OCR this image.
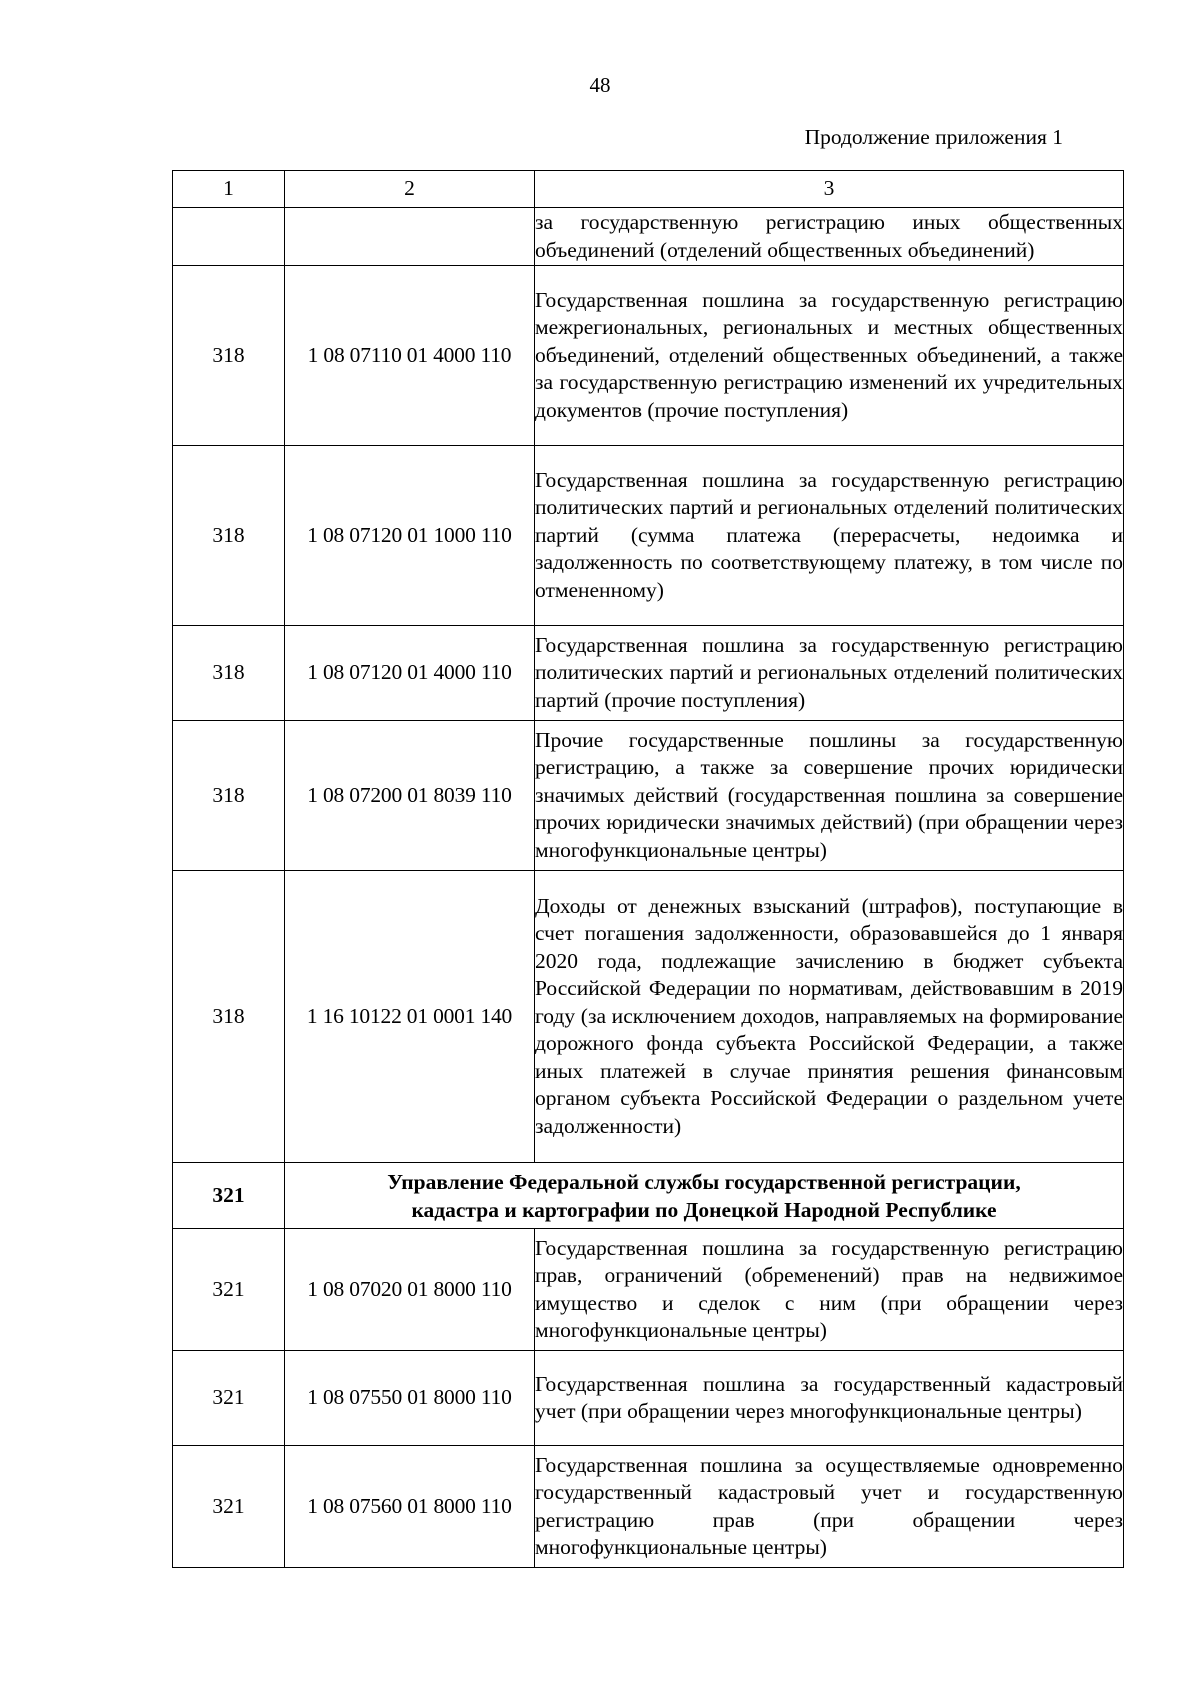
48
Продолжение приложения 1
1	2	3
		за государственную регистрацию иных общественных объединений (отделений общественных объединений)
318	1 08 07110 01 4000 110	Государственная пошлина за государственную регистрацию межрегиональных, региональных и местных общественных объединений, отделений общественных объединений, а также за государственную регистрацию изменений их учредительных документов (прочие поступления)
318	1 08 07120 01 1000 110	Государственная пошлина за государственную регистрацию политических партий и региональных отделений политических партий (сумма платежа (перерасчеты, недоимка и задолженность по соответствующему платежу, в том числе по отмененному)
318	1 08 07120 01 4000 110	Государственная пошлина за государственную регистрацию политических партий и региональных отделений политических партий (прочие поступления)
318	1 08 07200 01 8039 110	Прочие государственные пошлины за государственную регистрацию, а также за совершение прочих юридически значимых действий (государственная пошлина за совершение прочих юридически значимых действий) (при обращении через многофункциональные центры)
318	1 16 10122 01 0001 140	Доходы от денежных взысканий (штрафов), поступающие в счет погашения задолженности, образовавшейся до 1 января 2020 года, подлежащие зачислению в бюджет субъекта Российской Федерации по нормативам, действовавшим в 2019 году (за исключением доходов, направляемых на формирование дорожного фонда субъекта Российской Федерации, а также иных платежей в случае принятия решения финансовым органом субъекта Российской Федерации о раздельном учете задолженности)
321	Управление Федеральной службы государственной регистрации,
кадастра и картографии по Донецкой Народной Республике	

321	1 08 07020 01 8000 110	Государственная пошлина за государственную регистрацию прав, ограничений (обременений) прав на недвижимое имущество и сделок с ним (при обращении через многофункциональные центры)
321	1 08 07550 01 8000 110	Государственная пошлина за государственный кадастровый учет (при обращении через многофункциональные центры)
321	1 08 07560 01 8000 110	Государственная пошлина за осуществляемые одновременно государственный кадастровый учет и государственную регистрацию прав (при обращении через многофункциональные центры)
